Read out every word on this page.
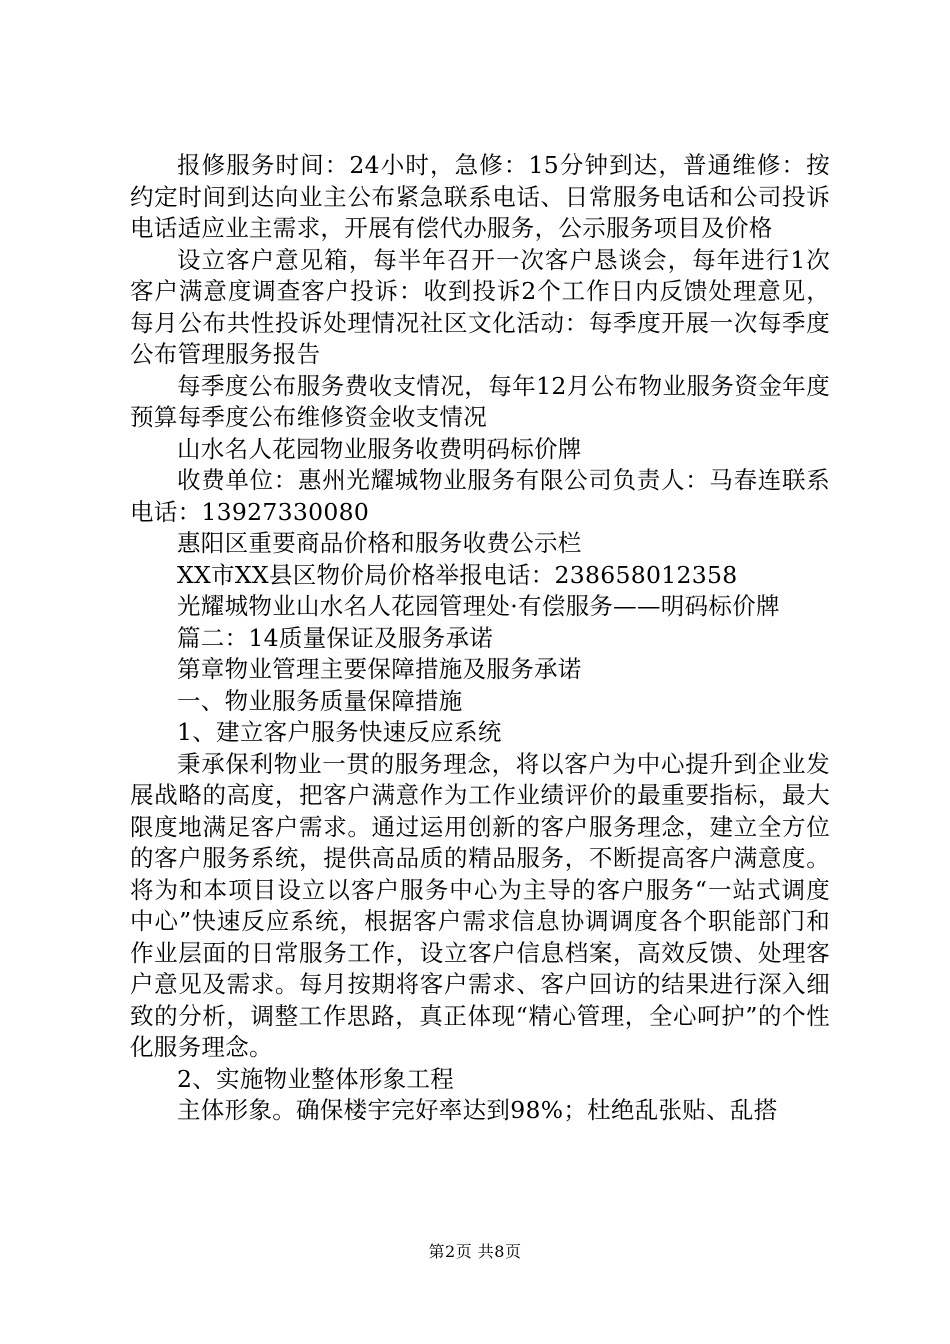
报修服务时间：24小时，急修：15分钟到达，普通维修：按约定时间到达向业主公布紧急联系电话、日常服务电话和公司投诉电话适应业主需求，开展有偿代办服务，公示服务项目及价格

设立客户意见箱，每半年召开一次客户恳谈会，每年进行1次客户满意度调查客户投诉：收到投诉2个工作日内反馈处理意见，每月公布共性投诉处理情况社区文化活动：每季度开展一次每季度公布管理服务报告

每季度公布服务费收支情况，每年12月公布物业服务资金年度预算每季度公布维修资金收支情况

山水名人花园物业服务收费明码标价牌

收费单位：惠州光耀城物业服务有限公司负责人：马春连联系电话：13927330080

惠阳区重要商品价格和服务收费公示栏

XX市XX县区物价局价格举报电话：238658012358

光耀城物业山水名人花园管理处·有偿服务——明码标价牌

篇二：14质量保证及服务承诺

第章物业管理主要保障措施及服务承诺

一、物业服务质量保障措施

1、建立客户服务快速反应系统

秉承保利物业一贯的服务理念，将以客户为中心提升到企业发展战略的高度，把客户满意作为工作业绩评价的最重要指标，最大限度地满足客户需求。通过运用创新的客户服务理念，建立全方位的客户服务系统，提供高品质的精品服务，不断提高客户满意度。将为和本项目设立以客户服务中心为主导的客户服务“一站式调度中心”快速反应系统，根据客户需求信息协调调度各个职能部门和作业层面的日常服务工作，设立客户信息档案，高效反馈、处理客户意见及需求。每月按期将客户需求、客户回访的结果进行深入细致的分析，调整工作思路，真正体现“精心管理，全心呵护”的个性化服务理念。

2、实施物业整体形象工程

主体形象。确保楼宇完好率达到98%；杜绝乱张贴、乱搭

第2页 共8页
